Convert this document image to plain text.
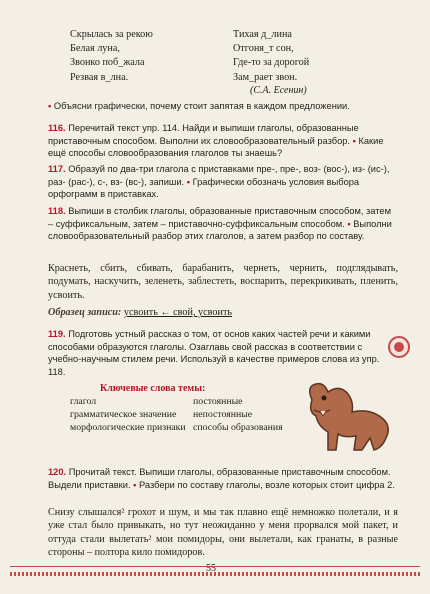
Скрылась за рекою
Белая луна,
Звонко поб_жала
Резвая в_лна.
Тихая д_лина
Отгоня_т сон,
Где-то за дорогой
Зам_рает звон.
(С.А. Есенин)
• Объясни графически, почему стоит запятая в каждом предложении.
116. Перечитай текст упр. 114. Найди и выпиши глаголы, образованные приставочным способом. Выполни их словообразовательный разбор. • Какие ещё способы словообразования глаголов ты знаешь?
117. Образуй по два-три глагола с приставками пре-, пре-, воз- (вос-), из- (ис-), раз- (рас-), с-, вз- (вс-), запиши. • Графически обозначь условия выбора орфограмм в приставках.
118. Выпиши в столбик глаголы, образованные приставочным способом, затем – суффиксальным, затем – приставочно-суффиксальным способом. • Выполни словообразовательный разбор этих глаголов, а затем разбор по составу.
Краснеть, сбить, сбивать, барабанить, чернеть, чернить, подглядывать, подумать, наскучить, зеленеть, заблестеть, воспарить, перекрикивать, пленить, усвоить.
Образец записи: усвоить ← свой, усвоить
119. Подготовь устный рассказ о том, от основ каких частей речи и какими способами образуются глаголы. Озаглавь свой рассказ в соответствии с учебно-научным стилем речи. Используй в качестве примеров слова из упр. 118.
Ключевые слова темы:
глагол
грамматическое значение
морфологические признаки
постоянные
непостоянные
способы образования
120. Прочитай текст. Выпиши глаголы, образованные приставочным способом. Выдели приставки. • Разбери по составу глаголы, возле которых стоит цифра 2.
Снизу слышался² грохот и шум, и мы так плавно ещё немножко полетали, и я уже стал было привыкать, но тут неожиданно у меня прорвался мой пакет, и оттуда стали вылетать² мои помидоры, они вылетали, как гранаты, в разные стороны – полтора кило помидоров.
55
